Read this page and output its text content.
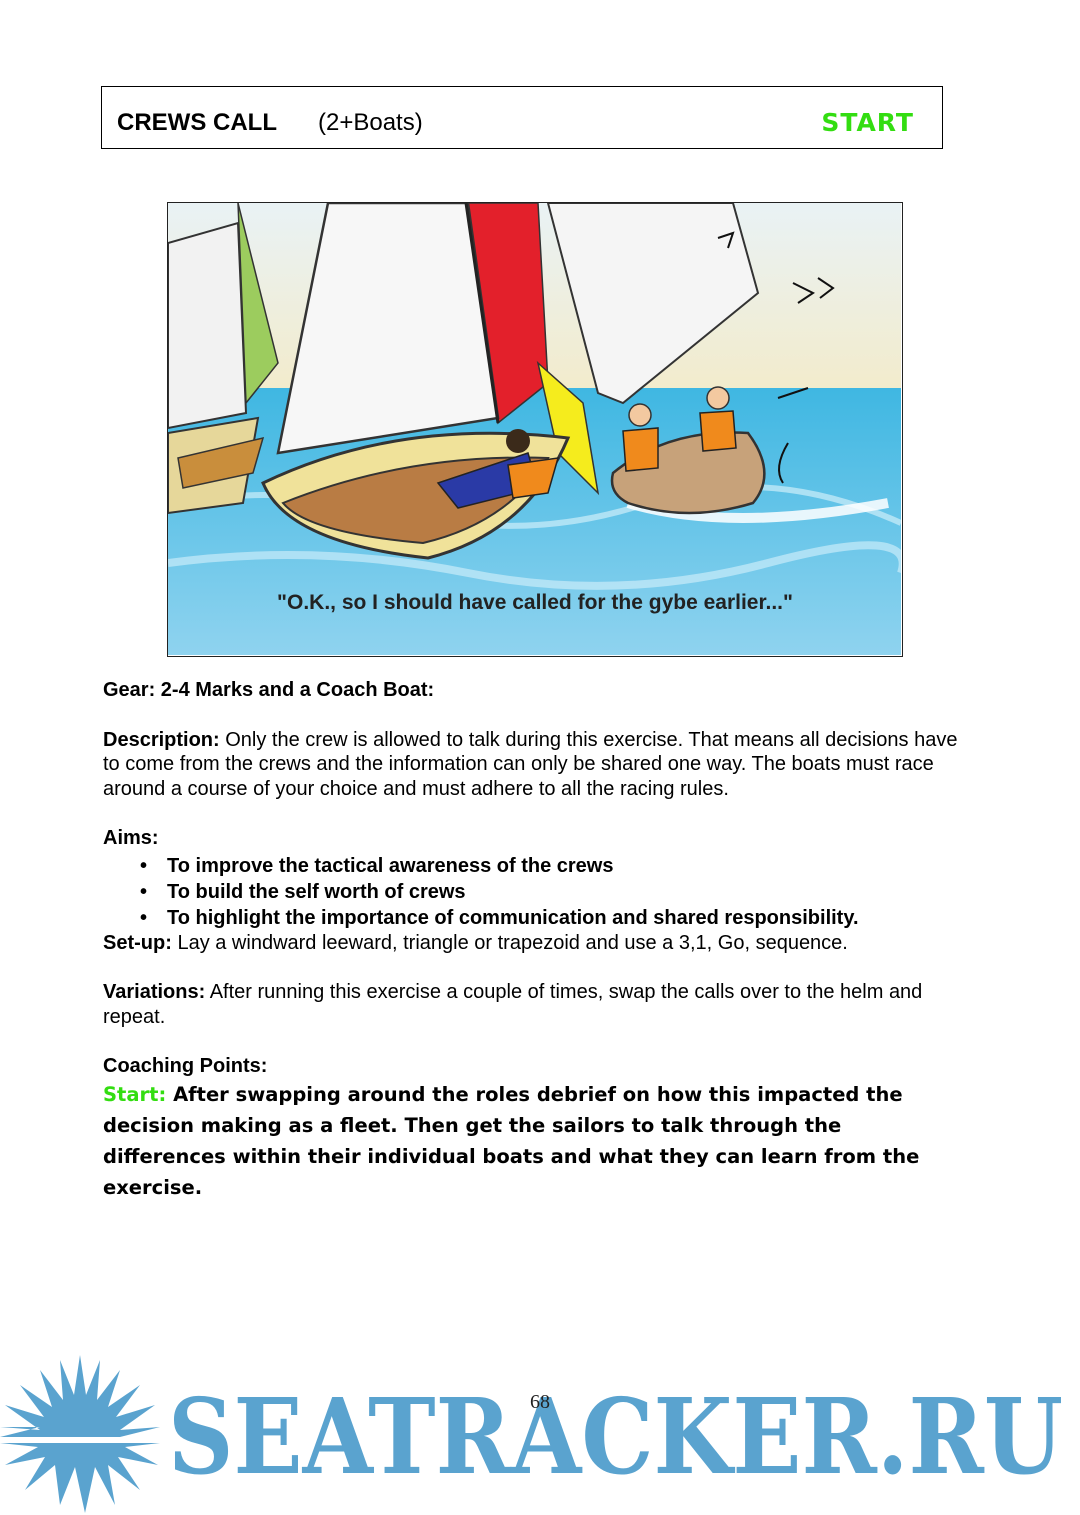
CREWS CALL (2+Boats)	START
"O.K., so I should have called for the gybe earlier..."

Gear: 2-4 Marks and a Coach Boat:

Description: Only the crew is allowed to talk during this exercise. That means all decisions have to come from the crews and the information can only be shared one way. The boats must race around a course of your choice and must adhere to all the racing rules.

Aims:

• To improve the tactical awareness of the crews
• To build the self worth of crews
• To highlight the importance of communication and shared responsibility.

Set-up: Lay a windward leeward, triangle or trapezoid and use a 3,1, Go, sequence.

Variations: After running this exercise a couple of times, swap the calls over to the helm and repeat.

Coaching Points:

Start: After swapping around the roles debrief on how this impacted the decision making as a fleet. Then get the sailors to talk through the differences within their individual boats and what they can learn from the exercise.

SEATRACKER.RU
68
